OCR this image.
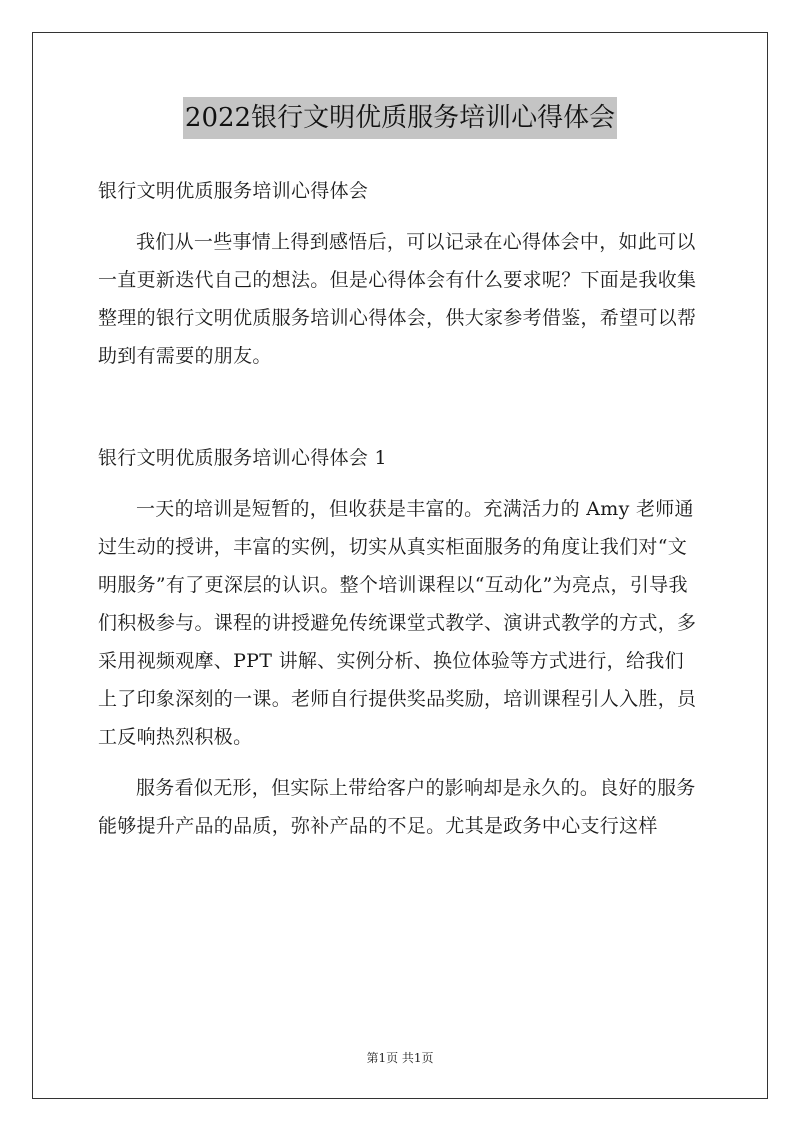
2022银行文明优质服务培训心得体会

银行文明优质服务培训心得体会

我们从一些事情上得到感悟后，可以记录在心得体会中，如此可以一直更新迭代自己的想法。但是心得体会有什么要求呢？下面是我收集整理的银行文明优质服务培训心得体会，供大家参考借鉴，希望可以帮助到有需要的朋友。

银行文明优质服务培训心得体会 1

一天的培训是短暂的，但收获是丰富的。充满活力的 Amy 老师通过生动的授讲，丰富的实例，切实从真实柜面服务的角度让我们对“文明服务”有了更深层的认识。整个培训课程以“互动化”为亮点，引导我们积极参与。课程的讲授避免传统课堂式教学、演讲式教学的方式，多采用视频观摩、PPT 讲解、实例分析、换位体验等方式进行，给我们上了印象深刻的一课。老师自行提供奖品奖励，培训课程引人入胜，员工反响热烈积极。

服务看似无形，但实际上带给客户的影响却是永久的。良好的服务能够提升产品的品质，弥补产品的不足。尤其是政务中心支行这样

第1页 共1页
